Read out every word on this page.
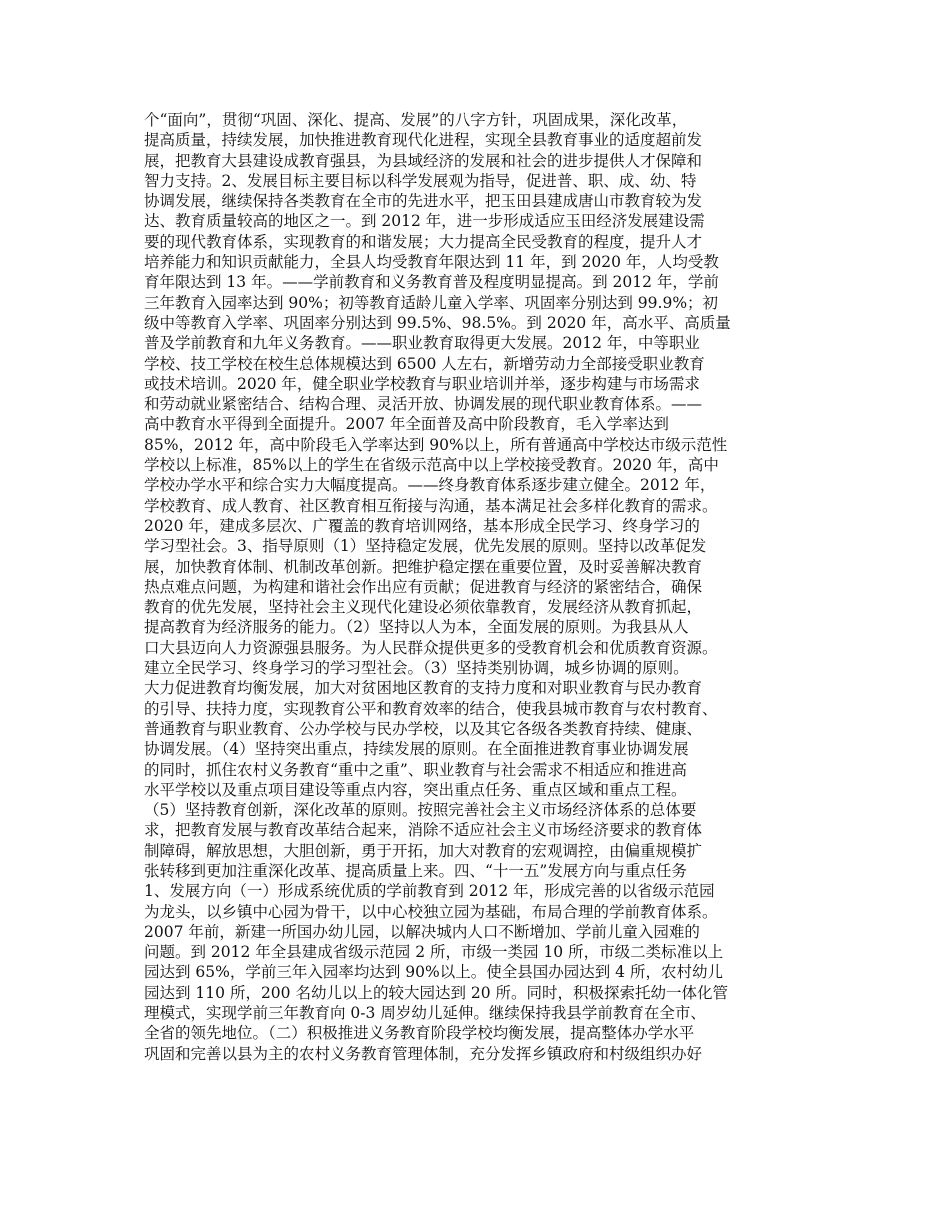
个“面向”，贯彻“巩固、深化、提高、发展”的八字方针，巩固成果，深化改革，
提高质量，持续发展，加快推进教育现代化进程，实现全县教育事业的适度超前发
展，把教育大县建设成教育强县，为县域经济的发展和社会的进步提供人才保障和
智力支持。2、发展目标主要目标以科学发展观为指导，促进普、职、成、幼、特
协调发展，继续保持各类教育在全市的先进水平，把玉田县建成唐山市教育较为发
达、教育质量较高的地区之一。到 2012 年，进一步形成适应玉田经济发展建设需
要的现代教育体系，实现教育的和谐发展；大力提高全民受教育的程度，提升人才
培养能力和知识贡献能力，全县人均受教育年限达到 11 年，到 2020 年，人均受教
育年限达到 13 年。——学前教育和义务教育普及程度明显提高。到 2012 年，学前
三年教育入园率达到 90%；初等教育适龄儿童入学率、巩固率分别达到 99.9%；初
级中等教育入学率、巩固率分别达到 99.5%、98.5%。到 2020 年，高水平、高质量
普及学前教育和九年义务教育。——职业教育取得更大发展。2012 年，中等职业
学校、技工学校在校生总体规模达到 6500 人左右，新增劳动力全部接受职业教育
或技术培训。2020 年，健全职业学校教育与职业培训并举，逐步构建与市场需求
和劳动就业紧密结合、结构合理、灵活开放、协调发展的现代职业教育体系。——
高中教育水平得到全面提升。2007 年全面普及高中阶段教育，毛入学率达到
85%，2012 年，高中阶段毛入学率达到 90%以上，所有普通高中学校达市级示范性
学校以上标准，85%以上的学生在省级示范高中以上学校接受教育。2020 年，高中
学校办学水平和综合实力大幅度提高。——终身教育体系逐步建立健全。2012 年，
学校教育、成人教育、社区教育相互衔接与沟通，基本满足社会多样化教育的需求。
2020 年，建成多层次、广覆盖的教育培训网络，基本形成全民学习、终身学习的
学习型社会。3、指导原则（1）坚持稳定发展，优先发展的原则。坚持以改革促发
展，加快教育体制、机制改革创新。把维护稳定摆在重要位置，及时妥善解决教育
热点难点问题，为构建和谐社会作出应有贡献；促进教育与经济的紧密结合，确保
教育的优先发展，坚持社会主义现代化建设必须依靠教育，发展经济从教育抓起，
提高教育为经济服务的能力。（2）坚持以人为本，全面发展的原则。为我县从人
口大县迈向人力资源强县服务。为人民群众提供更多的受教育机会和优质教育资源。
建立全民学习、终身学习的学习型社会。（3）坚持类别协调，城乡协调的原则。
大力促进教育均衡发展，加大对贫困地区教育的支持力度和对职业教育与民办教育
的引导、扶持力度，实现教育公平和教育效率的结合，使我县城市教育与农村教育、
普通教育与职业教育、公办学校与民办学校，以及其它各级各类教育持续、健康、
协调发展。（4）坚持突出重点，持续发展的原则。在全面推进教育事业协调发展
的同时，抓住农村义务教育“重中之重”、职业教育与社会需求不相适应和推进高
水平学校以及重点项目建设等重点内容，突出重点任务、重点区域和重点工程。
（5）坚持教育创新，深化改革的原则。按照完善社会主义市场经济体系的总体要
求，把教育发展与教育改革结合起来，消除不适应社会主义市场经济要求的教育体
制障碍，解放思想，大胆创新，勇于开拓，加大对教育的宏观调控，由偏重规模扩
张转移到更加注重深化改革、提高质量上来。四、“十一五”发展方向与重点任务
1、发展方向（一）形成系统优质的学前教育到 2012 年，形成完善的以省级示范园
为龙头，以乡镇中心园为骨干，以中心校独立园为基础，布局合理的学前教育体系。
2007 年前，新建一所国办幼儿园，以解决城内人口不断增加、学前儿童入园难的
问题。到 2012 年全县建成省级示范园 2 所，市级一类园 10 所，市级二类标准以上
园达到 65%，学前三年入园率均达到 90%以上。使全县国办园达到 4 所，农村幼儿
园达到 110 所，200 名幼儿以上的较大园达到 20 所。同时，积极探索托幼一体化管
理模式，实现学前三年教育向 0-3 周岁幼儿延伸。继续保持我县学前教育在全市、
全省的领先地位。（二）积极推进义务教育阶段学校均衡发展，提高整体办学水平
巩固和完善以县为主的农村义务教育管理体制，充分发挥乡镇政府和村级组织办好
